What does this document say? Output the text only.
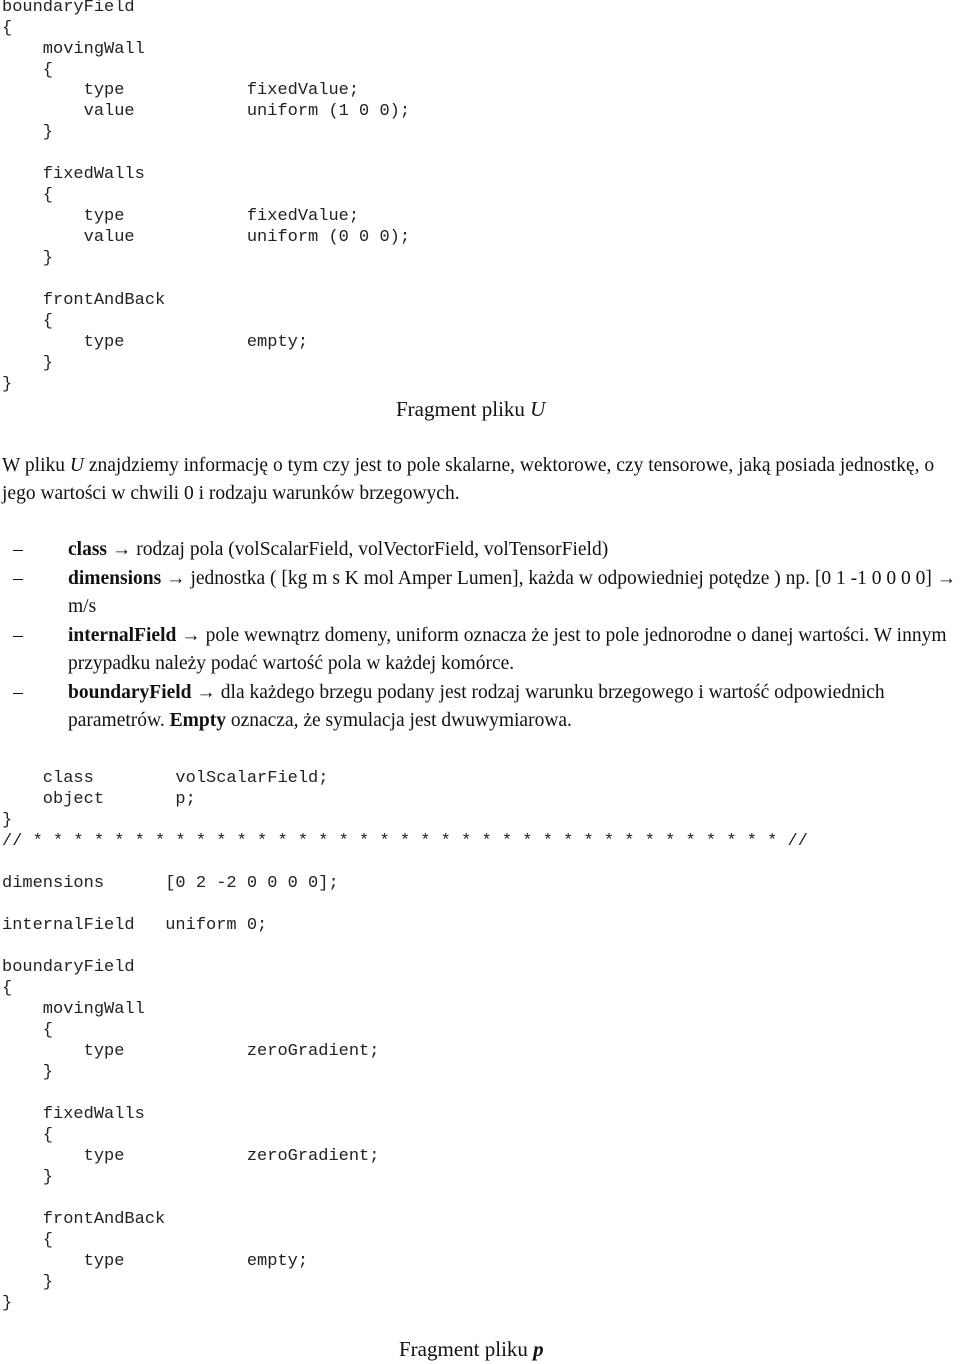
boundaryField
{
movingWall
{
type            fixedValue;
value           uniform (1 0 0);
}
fixedWalls
{
type            fixedValue;
value           uniform (0 0 0);
}
frontAndBack
{
type            empty;
}
}
Fragment pliku U
W pliku U znajdziemy informację o tym czy jest to pole skalarne, wektorowe, czy tensorowe, jaką posiada jednostkę, o jego wartości w chwili 0 i rodzaju warunków brzegowych.
–	class → rodzaj pola (volScalarField, volVectorField, volTensorField)
–	dimensions → jednostka ( [kg m s K mol Amper Lumen], każda w odpowiedniej potędze ) np. [0 1 -1 0 0 0 0] → m/s
–	internalField → pole wewnątrz domeny, uniform oznacza że jest to pole jednorodne o danej wartości. W innym przypadku należy podać wartość pola w każdej komórce.
–	boundaryField → dla każdego brzegu podany jest rodzaj warunku brzegowego i wartość odpowiednich parametrów. Empty oznacza, że symulacja jest dwuwymiarowa.
class        volScalarField;
object       p;
}
// * * * * * * * * * * * * * * * * * * * * * * * * * * * * * * * * * * * * * //
dimensions      [0 2 -2 0 0 0 0];
internalField   uniform 0;
boundaryField
{
movingWall
{
type            zeroGradient;
}
fixedWalls
{
type            zeroGradient;
}
frontAndBack
{
type            empty;
}
}
Fragment pliku p
